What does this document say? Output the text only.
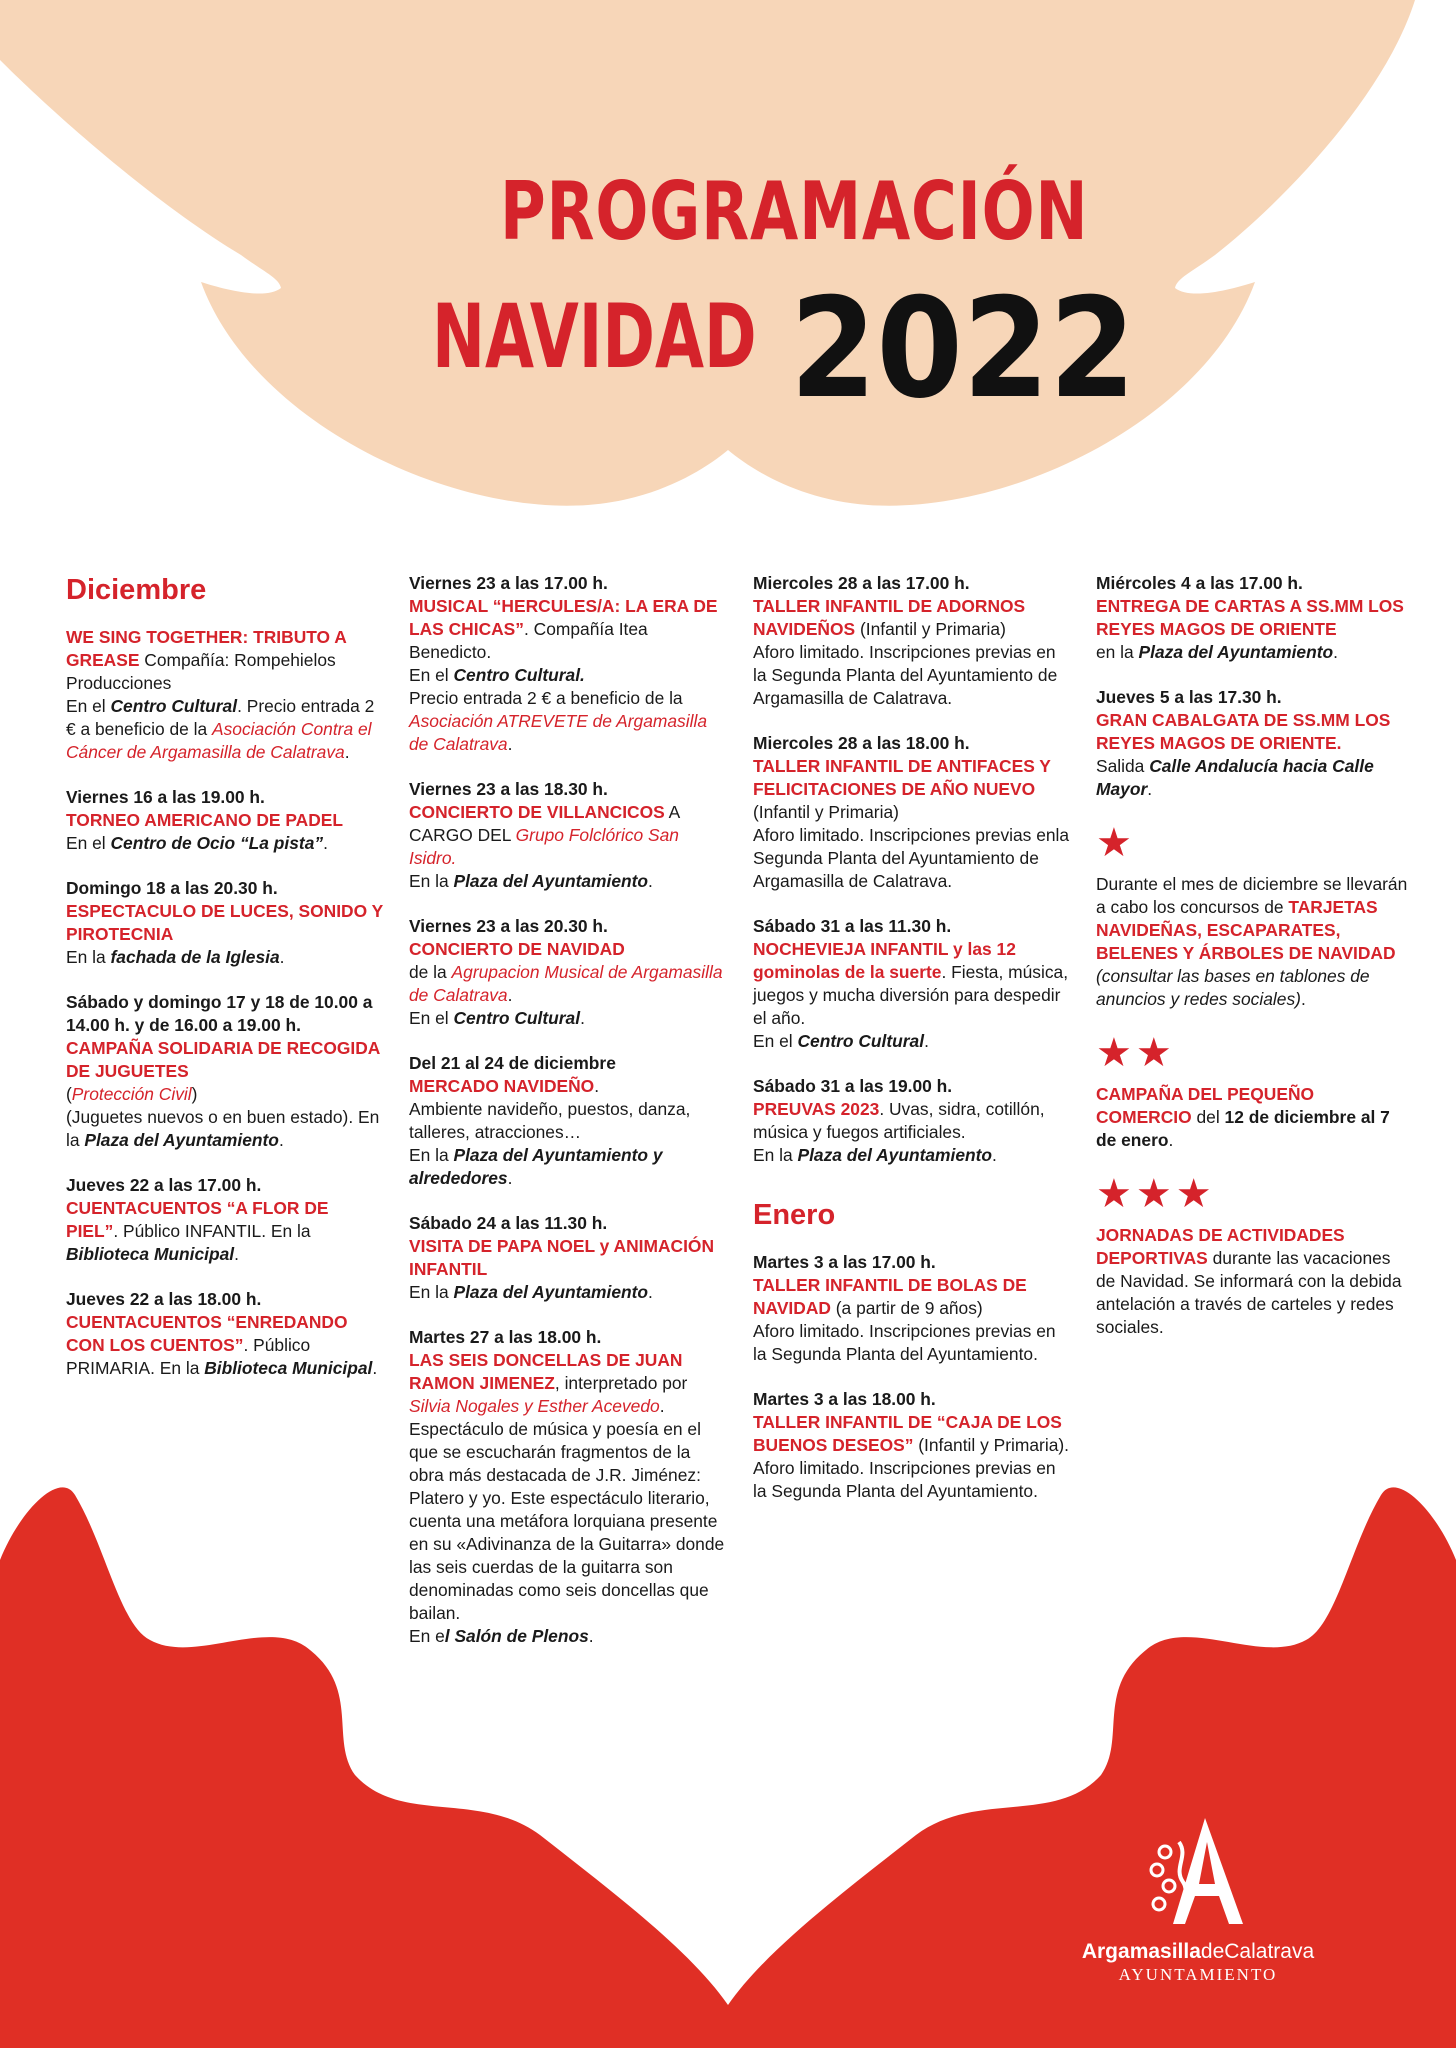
PROGRAMACIÓN
NAVIDAD 2022
Diciembre

WE SING TOGETHER: TRIBUTO A GREASE Compañía: Rompehielos Producciones

En el Centro Cultural. Precio entrada 2 € a beneficio de la Asociación Contra el Cáncer de Argamasilla de Calatrava.

Viernes 16 a las 19.00 h.

TORNEO AMERICANO DE PADEL

En el Centro de Ocio “La pista”.

Domingo 18 a las 20.30 h.

ESPECTACULO DE LUCES, SONIDO Y PIROTECNIA

En la fachada de la Iglesia.

Sábado y domingo 17 y 18 de 10.00 a 14.00 h. y de 16.00 a 19.00 h.

CAMPAÑA SOLIDARIA DE RECOGIDA DE JUGUETES

(Protección Civil)

(Juguetes nuevos o en buen estado). En la Plaza del Ayuntamiento.

Jueves 22 a las 17.00 h.

CUENTACUENTOS “A FLOR DE PIEL”. Público INFANTIL. En la Biblioteca Municipal.

Jueves 22 a las 18.00 h.

CUENTACUENTOS “ENREDANDO CON LOS CUENTOS”. Público PRIMARIA. En la Biblioteca Municipal.

Viernes 23 a las 17.00 h.

MUSICAL “HERCULES/A: LA ERA DE LAS CHICAS”. Compañía Itea Benedicto.

En el Centro Cultural.

Precio entrada 2 € a beneficio de la Asociación ATREVETE de Argamasilla de Calatrava.

Viernes 23 a las 18.30 h.

CONCIERTO DE VILLANCICOS A CARGO DEL Grupo Folclórico San Isidro.

En la Plaza del Ayuntamiento.

Viernes 23 a las 20.30 h.

CONCIERTO DE NAVIDAD

de la Agrupacion Musical de Argamasilla de Calatrava.

En el Centro Cultural.

Del 21 al 24 de diciembre

MERCADO NAVIDEÑO.

Ambiente navideño, puestos, danza, talleres, atracciones…

En la Plaza del Ayuntamiento y alrededores.

Sábado 24 a las 11.30 h.

VISITA DE PAPA NOEL y ANIMACIÓN INFANTIL

En la Plaza del Ayuntamiento.

Martes 27 a las 18.00 h.

LAS SEIS DONCELLAS DE JUAN RAMON JIMENEZ, interpretado por Silvia Nogales y Esther Acevedo.

Espectáculo de música y poesía en el que se escucharán fragmentos de la obra más destacada de J.R. Jiménez: Platero y yo. Este espectáculo literario, cuenta una metáfora lorquiana presente en su «Adivinanza de la Guitarra» donde las seis cuerdas de la guitarra son denominadas como seis doncellas que bailan.

En el Salón de Plenos.

Miercoles 28 a las 17.00 h.

TALLER INFANTIL DE ADORNOS NAVIDEÑOS (Infantil y Primaria)

Aforo limitado. Inscripciones previas en la Segunda Planta del Ayuntamiento de Argamasilla de Calatrava.

Miercoles 28 a las 18.00 h.

TALLER INFANTIL DE ANTIFACES Y FELICITACIONES DE AÑO NUEVO

(Infantil y Primaria)

Aforo limitado. Inscripciones previas enla Segunda Planta del Ayuntamiento de Argamasilla de Calatrava.

Sábado 31 a las 11.30 h.

NOCHEVIEJA INFANTIL y las 12 gominolas de la suerte. Fiesta, música, juegos y mucha diversión para despedir el año.

En el Centro Cultural.

Sábado 31 a las 19.00 h.

PREUVAS 2023. Uvas, sidra, cotillón, música y fuegos artificiales.

En la Plaza del Ayuntamiento.

Enero

Martes 3 a las 17.00 h.

TALLER INFANTIL DE BOLAS DE NAVIDAD (a partir de 9 años)

Aforo limitado. Inscripciones previas en la Segunda Planta del Ayuntamiento.

Martes 3 a las 18.00 h.

TALLER INFANTIL DE “CAJA DE LOS BUENOS DESEOS” (Infantil y Primaria).

Aforo limitado. Inscripciones previas en la Segunda Planta del Ayuntamiento.

Miércoles 4 a las 17.00 h.

ENTREGA DE CARTAS A SS.MM LOS REYES MAGOS DE ORIENTE

en la Plaza del Ayuntamiento.

Jueves 5 a las 17.30 h.

GRAN CABALGATA DE SS.MM LOS REYES MAGOS DE ORIENTE.

Salida Calle Andalucía hacia Calle Mayor.

★

Durante el mes de diciembre se llevarán a cabo los concursos de TARJETAS NAVIDEÑAS, ESCAPARATES, BELENES Y ÁRBOLES DE NAVIDAD (consultar las bases en tablones de anuncios y redes sociales).

★★

CAMPAÑA DEL PEQUEÑO COMERCIO del 12 de diciembre al 7 de enero.

★★★

JORNADAS DE ACTIVIDADES DEPORTIVAS durante las vacaciones de Navidad. Se informará con la debida antelación a través de carteles y redes sociales.

ArgamasilladeCalatrava
AYUNTAMIENTO
